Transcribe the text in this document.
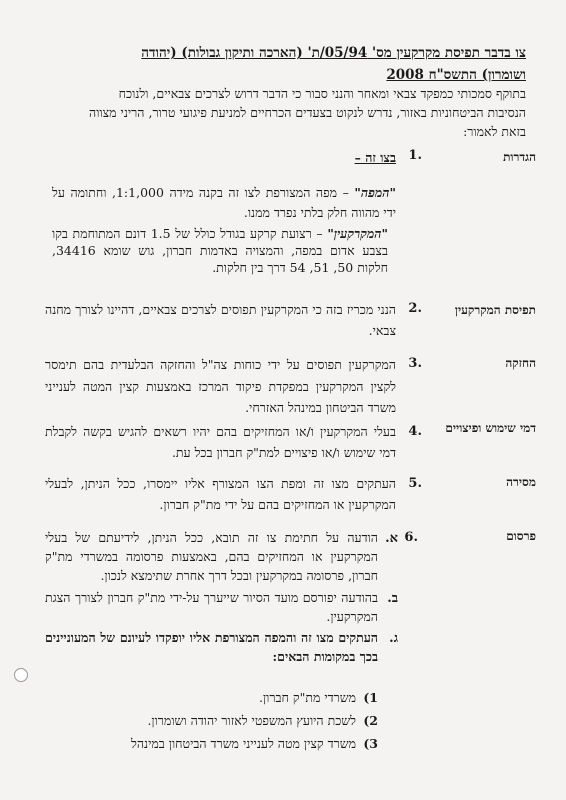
צו בדבר תפיסת מקרקעין מס' 05/94/ת' (הארכה ותיקון גבולות) (יהודה
ושומרון) התשס"ח 2008
בתוקף סמכותי כמפקד צבאי ומאחר והנני סבור כי הדבר דרוש לצרכים צבאיים, ולנוכח הנסיבות הביטחוניות באזור, נדרש לנקוט בצעדים הכרחיים למניעת פיגועי טרור, הריני מצווה בזאת לאמור:
הגדרות
.1
בצו זה –
"המפה" – מפה המצורפת לצו זה בקנה מידה 1:1,000, וחתומה על ידי מהווה חלק בלתי נפרד ממנו.
"המקרקעין" – רצועת קרקע בגודל כולל של 1.5 דונם המתוחמת בקו בצבע אדום במפה, והמצויה באדמות חברון, גוש שומא 34416, חלקות 50, 51, 54 דרך בין חלקות.
תפיסת המקרקעין
.2
הנני מכריז בזה כי המקרקעין תפוסים לצרכים צבאיים, דהיינו לצורך מחנה צבאי.
החזקה
.3
המקרקעין תפוסים על ידי כוחות צה"ל והחזקה הבלעדית בהם תימסר לקצין המקרקעין במפקדת פיקוד המרכז באמצעות קצין המטה לענייני משרד הביטחון במינהל האזרחי.
דמי שימוש ופיצויים
.4
בעלי המקרקעין ו/או המחזיקים בהם יהיו רשאים להגיש בקשה לקבלת דמי שימוש ו/או פיצויים למת"ק חברון בכל עת.
מסירה
.5
העתקים מצו זה ומפת הצו המצורף אליו יימסרו, ככל הניתן, לבעלי המקרקעין או המחזיקים בהם על ידי מת"ק חברון.
פרסום
.6
א.
הודעה על חתימת צו זה תובא, ככל הניתן, לידיעתם של בעלי המקרקעין או המחזיקים בהם, באמצעות פרסומה במשרדי מת"ק חברון, פרסומה במקרקעין ובכל דרך אחרת שתימצא לנכון.
ב.
בהודעה יפורסם מועד הסיור שייערך על-ידי מת"ק חברון לצורך הצגת המקרקעין.
ג.
העתקים מצו זה והמפה המצורפת אליו יופקדו לעיונם של המעוניינים בכך במקומות הבאים:
1) משרדי מת"ק חברון.
2) לשכת היועץ המשפטי לאזור יהודה ושומרון.
3) משרד קצין מטה לענייני משרד הביטחון במינהל
